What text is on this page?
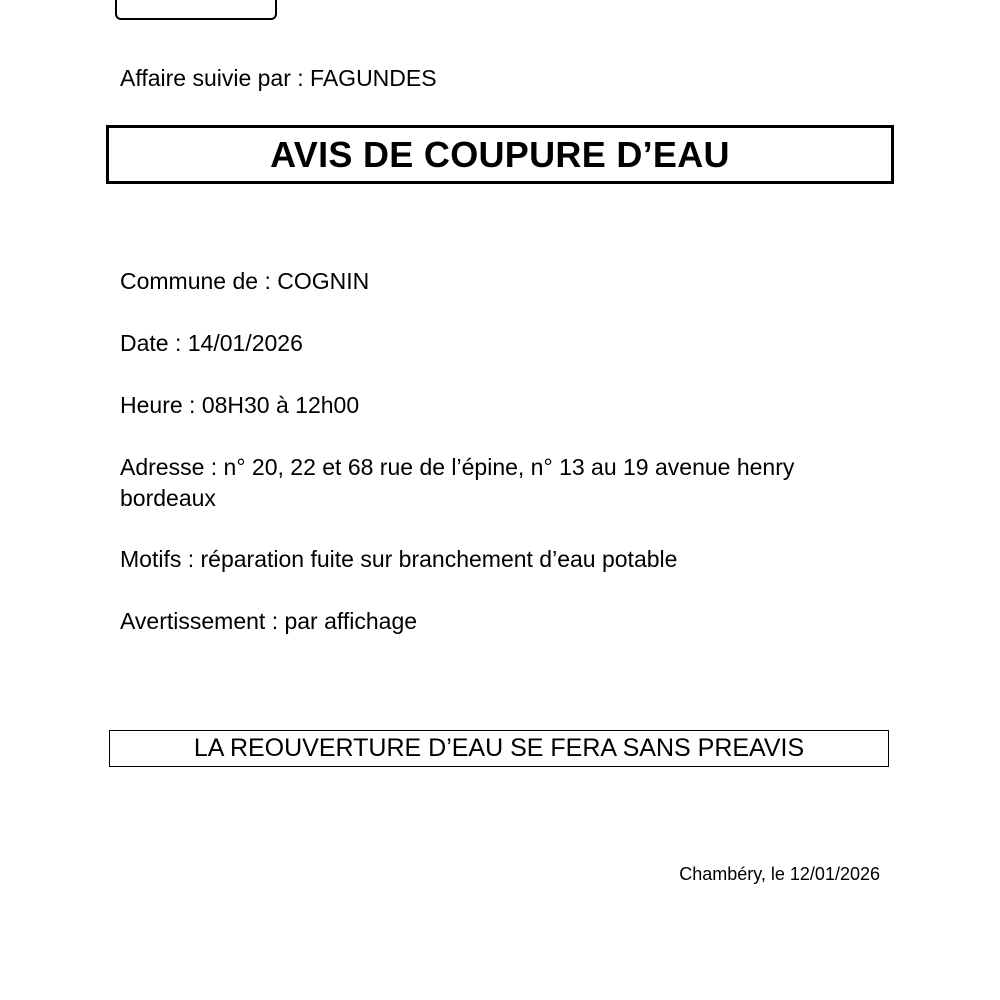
Affaire suivie par : FAGUNDES
AVIS DE COUPURE D’EAU
Commune de : COGNIN
Date : 14/01/2026
Heure : 08H30 à 12h00
Adresse : n° 20, 22 et 68 rue de l’épine, n° 13 au 19 avenue henry bordeaux
Motifs : réparation fuite sur branchement d’eau potable
Avertissement : par affichage
LA REOUVERTURE D’EAU SE FERA SANS PREAVIS
Chambéry, le 12/01/2026
